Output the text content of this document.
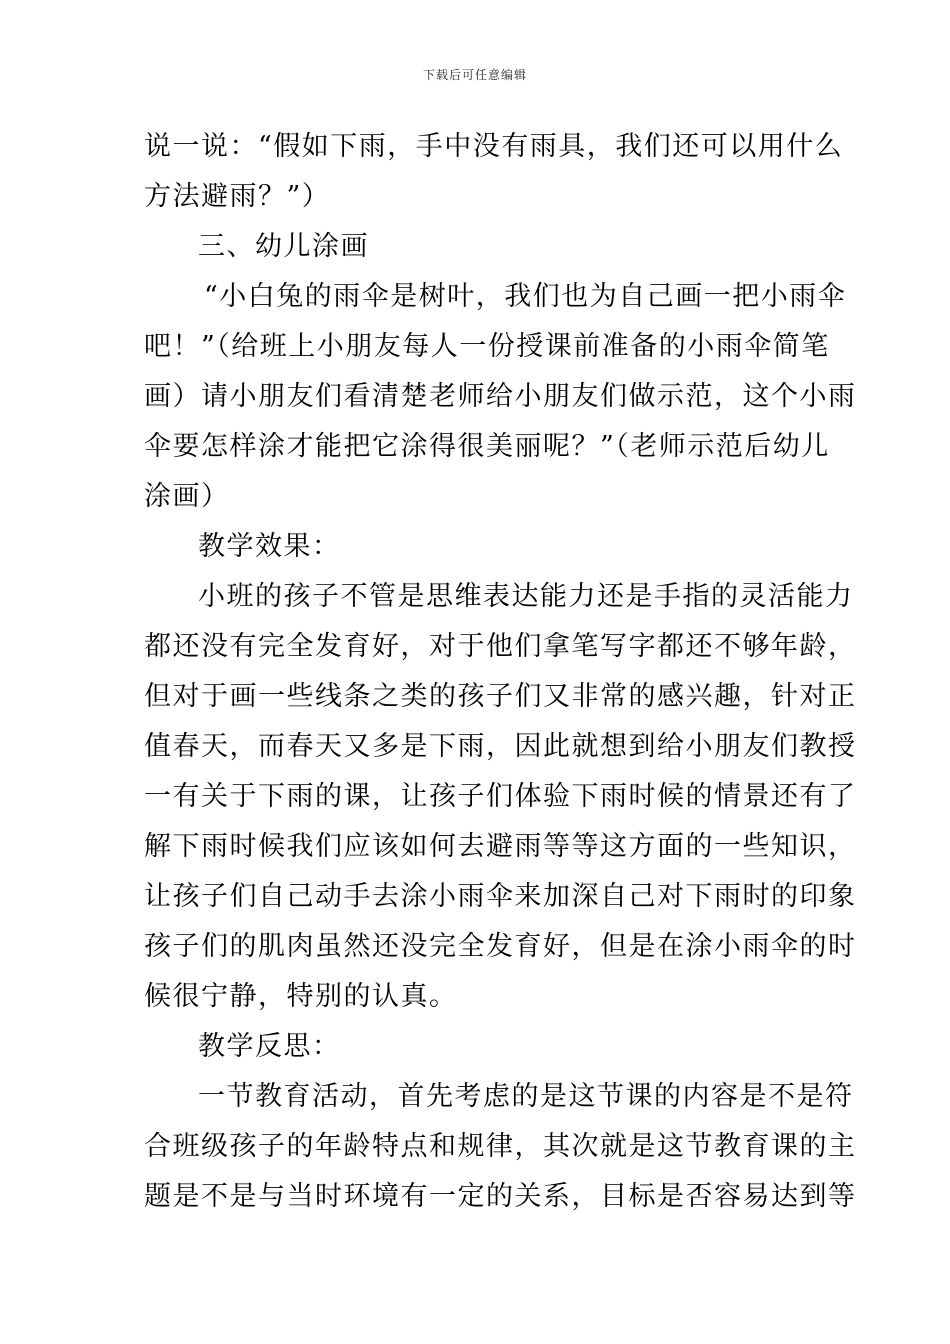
下载后可任意编辑
说一说：“假如下雨，手中没有雨具，我们还可以用什么
方法避雨？”）
三、幼儿涂画
“小白兔的雨伞是树叶，我们也为自己画一把小雨伞
吧！”（给班上小朋友每人一份授课前准备的小雨伞简笔
画）请小朋友们看清楚老师给小朋友们做示范，这个小雨
伞要怎样涂才能把它涂得很美丽呢？”（老师示范后幼儿
涂画）
教学效果：
小班的孩子不管是思维表达能力还是手指的灵活能力
都还没有完全发育好，对于他们拿笔写字都还不够年龄，
但对于画一些线条之类的孩子们又非常的感兴趣，针对正
值春天，而春天又多是下雨，因此就想到给小朋友们教授
一有关于下雨的课，让孩子们体验下雨时候的情景还有了
解下雨时候我们应该如何去避雨等等这方面的一些知识，
让孩子们自己动手去涂小雨伞来加深自己对下雨时的印象
孩子们的肌肉虽然还没完全发育好，但是在涂小雨伞的时
候很宁静，特别的认真。
教学反思：
一节教育活动，首先考虑的是这节课的内容是不是符
合班级孩子的年龄特点和规律，其次就是这节教育课的主
题是不是与当时环境有一定的关系，目标是否容易达到等
